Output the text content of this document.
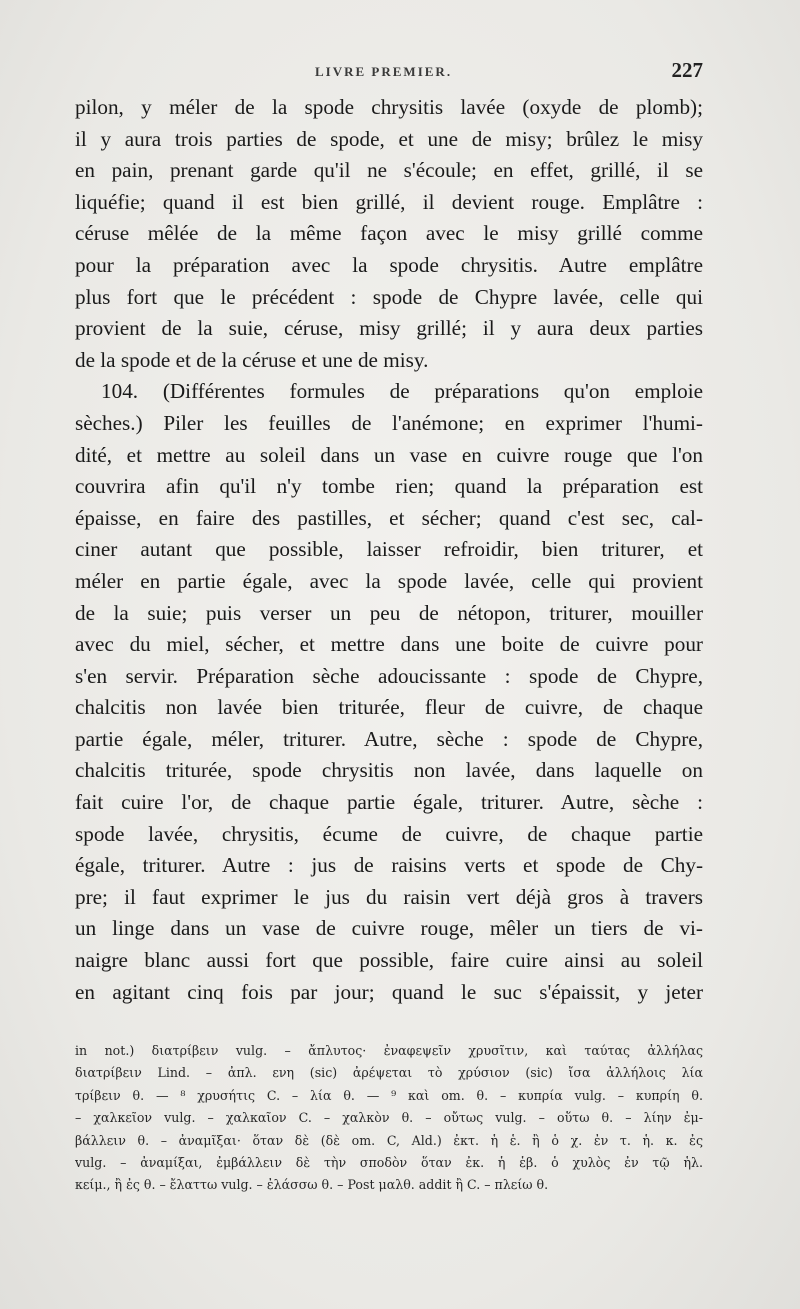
LIVRE PREMIER.	227
pilon, y méler de la spode chrysitis lavée (oxyde de plomb);
il y aura trois parties de spode, et une de misy; brûlez le misy
en pain, prenant garde qu'il ne s'écoule; en effet, grillé, il se
liquéfie; quand il est bien grillé, il devient rouge. Emplâtre :
céruse mêlée de la même façon avec le misy grillé comme
pour la préparation avec la spode chrysitis. Autre emplâtre
plus fort que le précédent : spode de Chypre lavée, celle qui
provient de la suie, céruse, misy grillé; il y aura deux parties
de la spode et de la céruse et une de misy.
104. (Différentes formules de préparations qu'on emploie
sèches.) Piler les feuilles de l'anémone; en exprimer l'humi-
dité, et mettre au soleil dans un vase en cuivre rouge que l'on
couvrira afin qu'il n'y tombe rien; quand la préparation est
épaisse, en faire des pastilles, et sécher; quand c'est sec, cal-
ciner autant que possible, laisser refroidir, bien triturer, et
méler en partie égale, avec la spode lavée, celle qui provient
de la suie; puis verser un peu de nétopon, triturer, mouiller
avec du miel, sécher, et mettre dans une boite de cuivre pour
s'en servir. Préparation sèche adoucissante : spode de Chypre,
chalcitis non lavée bien triturée, fleur de cuivre, de chaque
partie égale, méler, triturer. Autre, sèche : spode de Chypre,
chalcitis triturée, spode chrysitis non lavée, dans laquelle on
fait cuire l'or, de chaque partie égale, triturer. Autre, sèche :
spode lavée, chrysitis, écume de cuivre, de chaque partie
égale, triturer. Autre : jus de raisins verts et spode de Chy-
pre; il faut exprimer le jus du raisin vert déjà gros à travers
un linge dans un vase de cuivre rouge, mêler un tiers de vi-
naigre blanc aussi fort que possible, faire cuire ainsi au soleil
en agitant cinq fois par jour; quand le suc s'épaissit, y jeter
in not.) διατρίβειν vulg. – ἄπλυτος· ἐναφεψεῖν χρυσῖτιν, καὶ ταύτας ἀλλήλας
διατρίβειν Lind. – ἀπλ. ενη (sic) ἀρέψεται τὸ χρύσιον (sic) ἴσα ἀλλήλοις λία
τρίβειν θ. — ⁸ χρυσήτις C. – λία θ. — ⁹ καὶ om. θ. – κυπρία vulg. – κυπρίη θ.
– χαλκεῖον vulg. – χαλκαῖον C. – χαλκὸν θ. – οὔτως vulg. – οὕτω θ. – λίην ἐμ-
βάλλειν θ. – ἀναμῖξαι· ὅταν δὲ (δὲ om. C, Ald.) ἐκτ. ἡ ἑ. ἢ ὁ χ. ἐν τ. ἡ. κ. ἐς
vulg. – ἀναμίξαι, ἐμβάλλειν δὲ τὴν σποδὸν ὅταν ἐκ. ἡ ἑβ. ὁ χυλὸς ἐν τῷ ἡλ.
κείμ., ἢ ἐς θ. – ἔλαττω vulg. – ἐλάσσω θ. – Post μαλθ. addit ἢ C. – πλείω θ.
